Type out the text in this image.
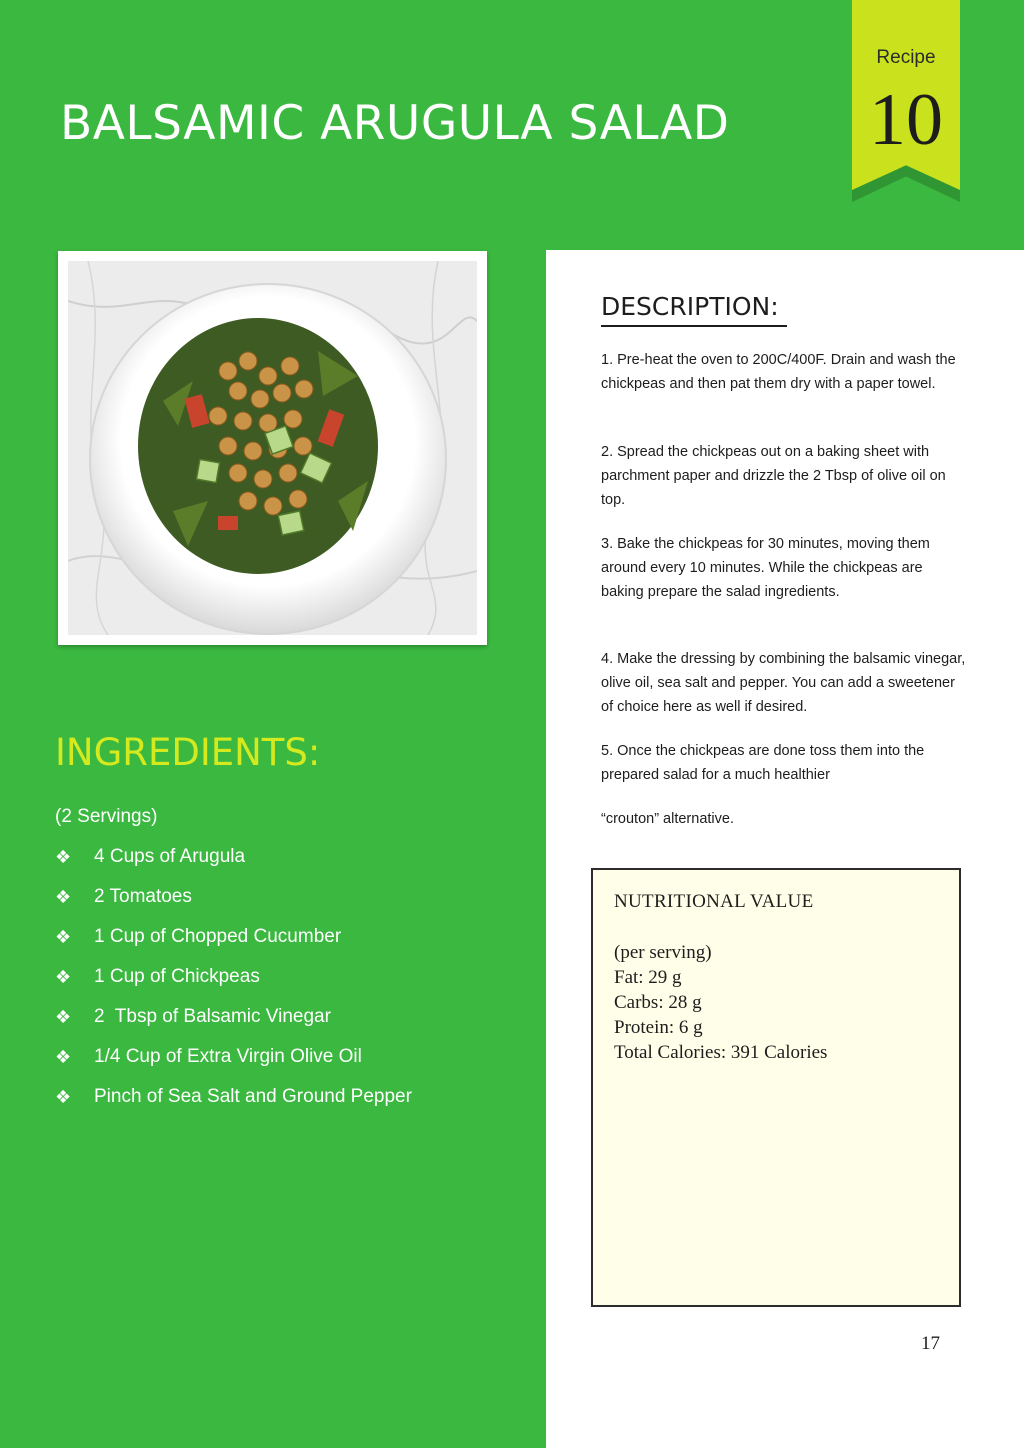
BALSAMIC ARUGULA SALAD
Recipe
10
INGREDIENTS:
(2 Servings)
❖	4 Cups of Arugula
❖	2 Tomatoes
❖	1 Cup of Chopped Cucumber
❖	1 Cup of Chickpeas
❖	2  Tbsp of Balsamic Vinegar
❖	1/4 Cup of Extra Virgin Olive Oil
❖	Pinch of Sea Salt and Ground Pepper
DESCRIPTION:

1. Pre-heat the oven to 200C/400F. Drain and wash the chickpeas and then pat them dry with a paper towel.

2. Spread the chickpeas out on a baking sheet with parchment paper and drizzle the 2 Tbsp of olive oil on top.

3. Bake the chickpeas for 30 minutes, moving them around every 10 minutes. While the chickpeas are baking prepare the salad ingredients.

4. Make the dressing by combining the balsamic vinegar, olive oil, sea salt and pepper. You can add a sweetener of choice here as well if desired.

5. Once the chickpeas are done toss them into the prepared salad for a much healthier

“crouton” alternative.

NUTRITIONAL VALUE
(per serving)
Fat: 29 g
Carbs: 28 g
Protein: 6 g
Total Calories: 391 Calories
17
